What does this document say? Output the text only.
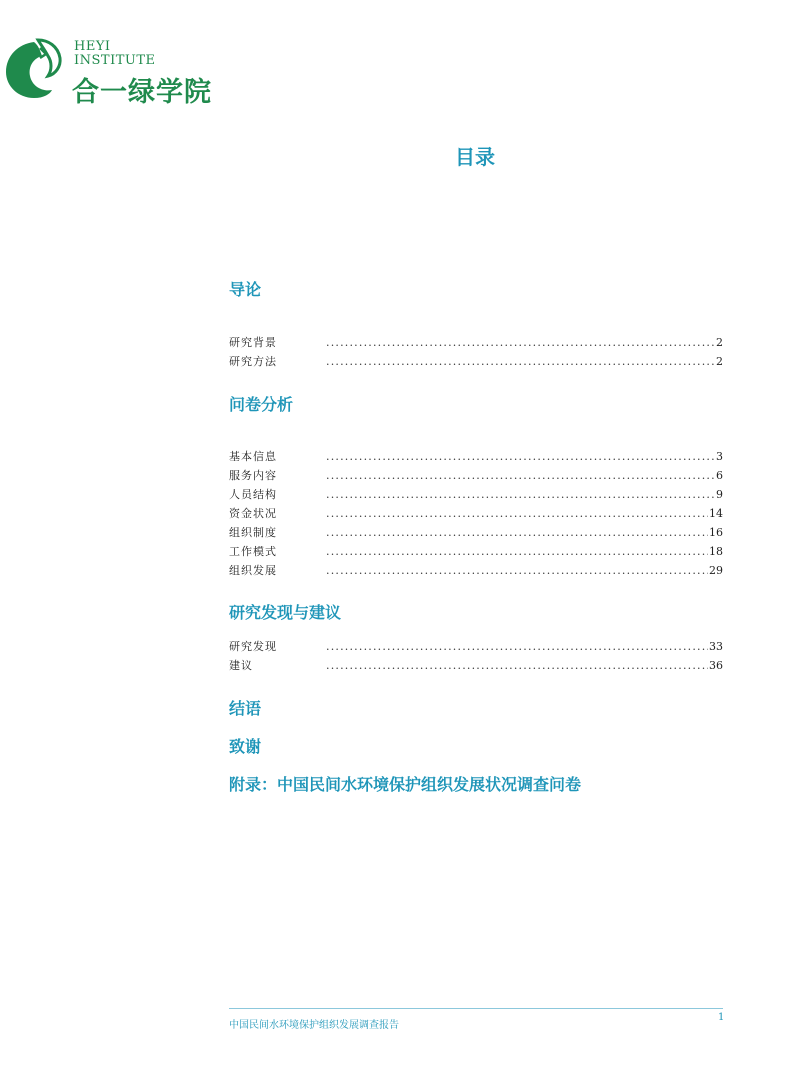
HEYI
INSTITUTE
合一绿学院
目录
导论
研究背景 .....	2
研究方法 .....	2
问卷分析
基本信息 .....	3
服务内容 .....	6
人员结构 .....	9
资金状况 .....	14
组织制度 .....	16
工作模式 .....	18
组织发展 .....	29
研究发现与建议
研究发现 .....	33
建议 .....	36
结语
致谢
附录：中国民间水环境保护组织发展状况调查问卷
中国民间水环境保护组织发展调查报告
1
